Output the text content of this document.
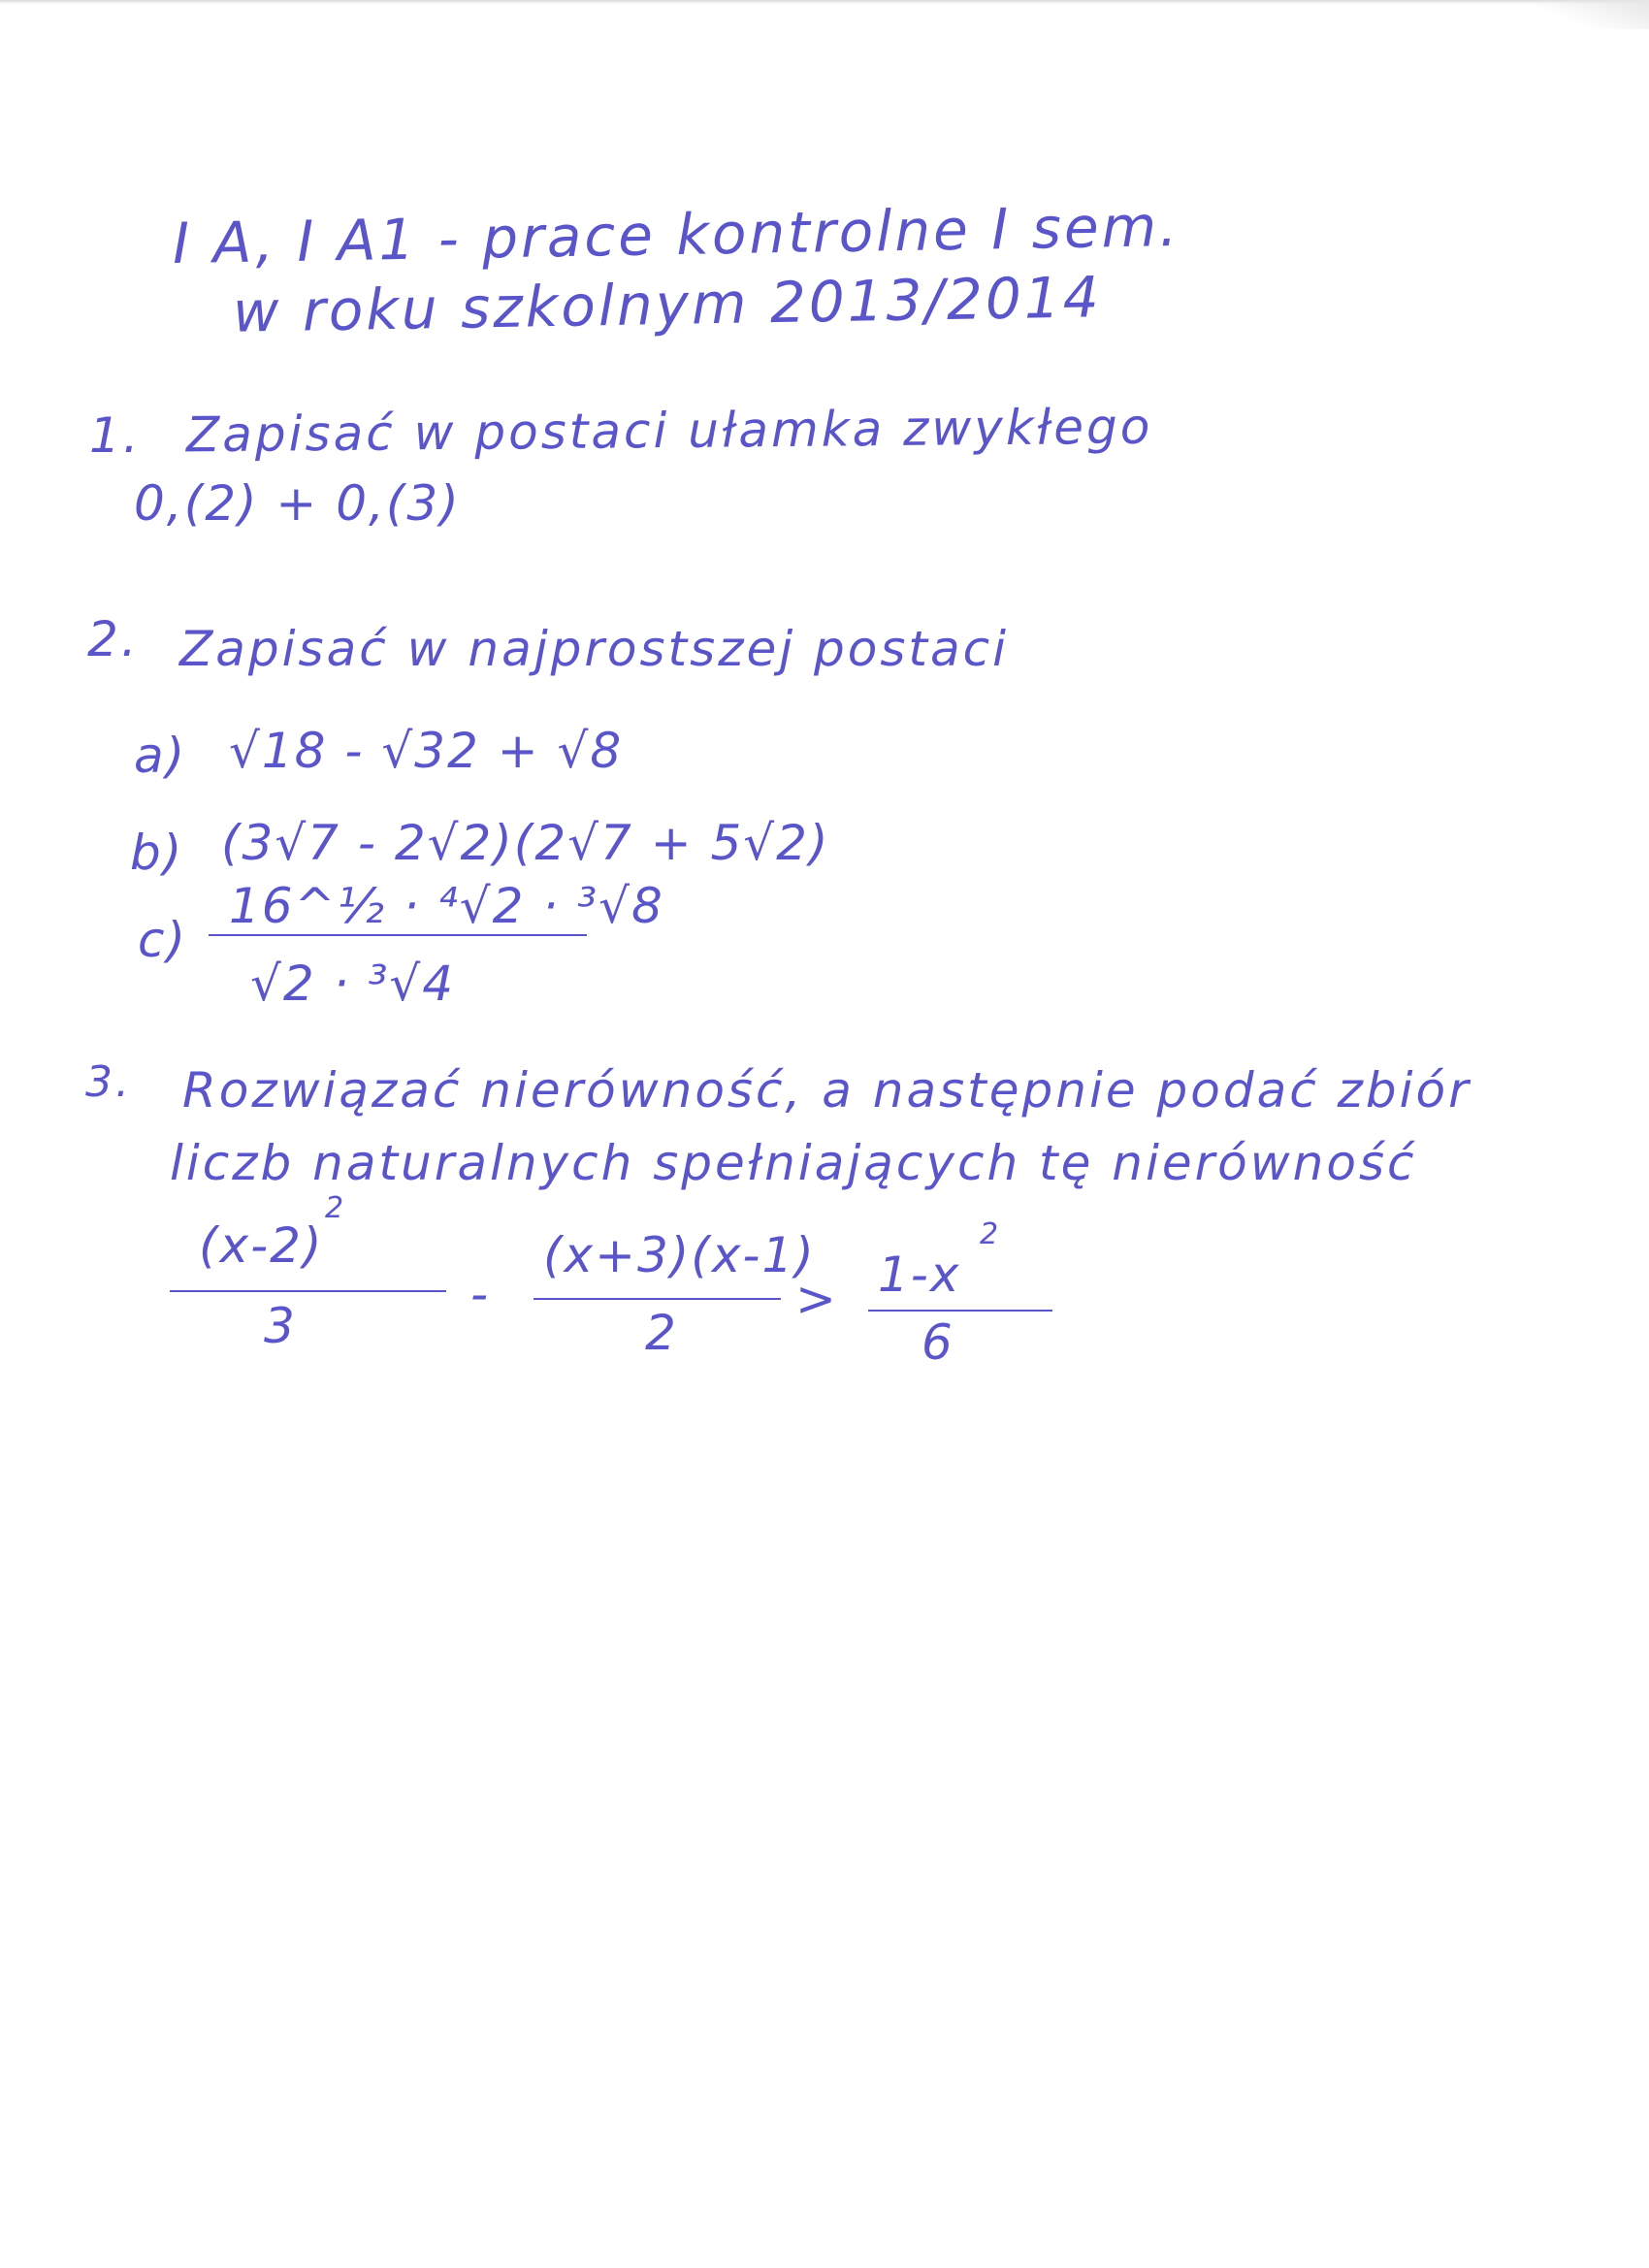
I A, I A1 - prace kontrolne I sem.
w roku szkolnym 2013/2014
1. Zapisać w postaci ułamka zwykłego
0,(2) + 0,(3)
2. Zapisać w najprostszej postaci
a) √18 - √32 + √8
b) (3√7 - 2√2)(2√7 + 5√2)
c)
16^½ · ⁴√2 · ³√8
√2 · ³√4
3. Rozwiązać nierówność, a następnie podać zbiór
liczb naturalnych spełniających tę nierówność
(x-2)
2
3
-
(x+3)(x-1)
2
> 1-x
2
6
